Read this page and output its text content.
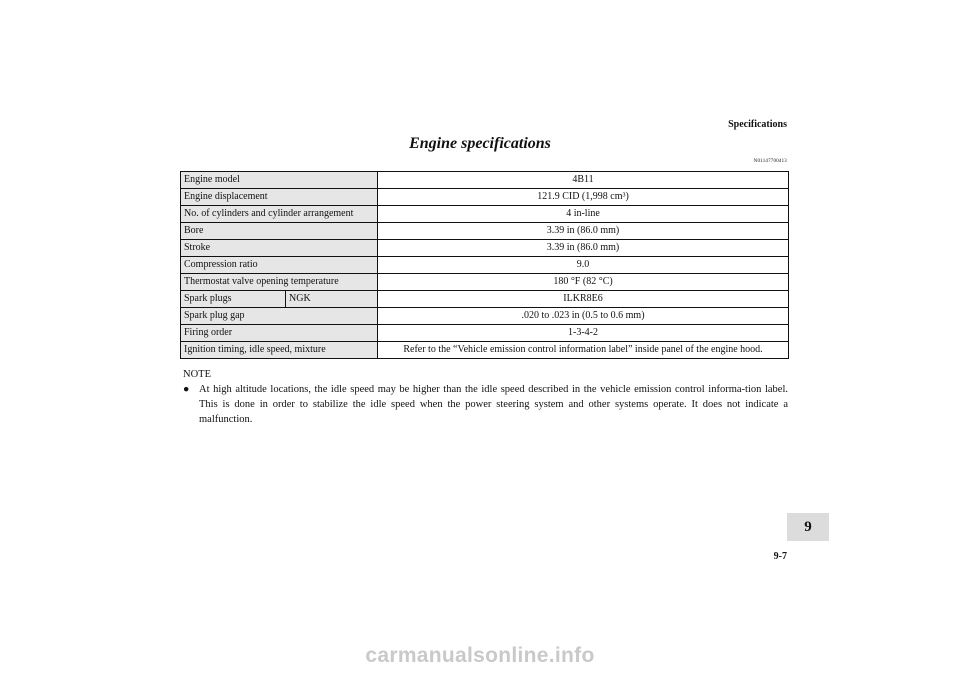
Specifications
Engine specifications
N01147700413
Engine model		4B11
Engine displacement		121.9 CID (1,998 cm³)
No. of cylinders and cylinder arrangement		4 in-line
Bore		3.39 in (86.0 mm)
Stroke		3.39 in (86.0 mm)
Compression ratio		9.0
Thermostat valve opening temperature		180 °F (82 °C)
Spark plugs	NGK	ILKR8E6
Spark plug gap		.020 to .023 in (0.5 to 0.6 mm)
Firing order		1-3-4-2
Ignition timing, idle speed, mixture		Refer to the “Vehicle emission control information label” inside panel of the engine hood.
NOTE
● At high altitude locations, the idle speed may be higher than the idle speed described in the vehicle emission control informa-tion label. This is done in order to stabilize the idle speed when the power steering system and other systems operate. It does not indicate a malfunction.
9
9-7
carmanualsonline.info
